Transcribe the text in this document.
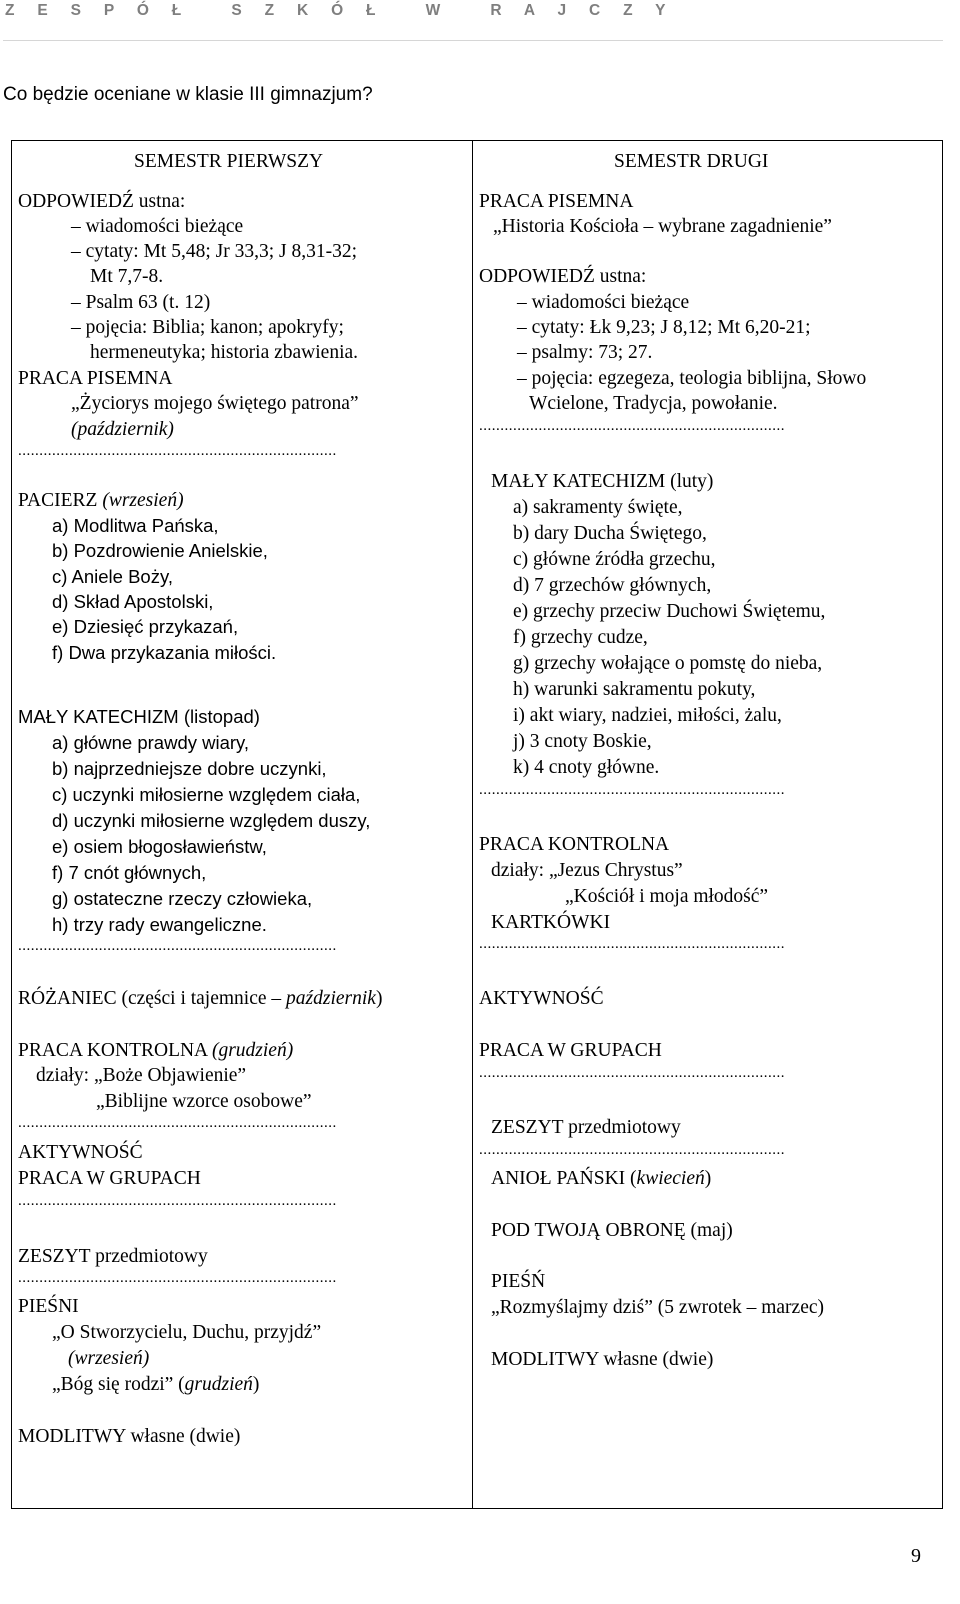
Z E S P Ó Ł   S Z K Ó Ł   W   R A J C Z Y
Co będzie oceniane w klasie III gimnazjum?
SEMESTR PIERWSZY
ODPOWIEDŹ ustna:
– wiadomości bieżące
– cytaty: Mt 5,48; Jr 33,3; J 8,31-32;
Mt 7,7-8.
– Psalm 63 (t. 12)
– pojęcia: Biblia; kanon; apokryfy;
hermeneutyka; historia zbawienia.
PRACA PISEMNA
„Życiorys mojego świętego patrona”
(październik)
...........................................................................
PACIERZ (wrzesień)
a) Modlitwa Pańska,
b) Pozdrowienie Anielskie,
c) Aniele Boży,
d) Skład Apostolski,
e) Dziesięć przykazań,
f) Dwa przykazania miłości.
MAŁY KATECHIZM (listopad)
a) główne prawdy wiary,
b) najprzedniejsze dobre uczynki,
c) uczynki miłosierne względem ciała,
d) uczynki miłosierne względem duszy,
e) osiem błogosławieństw,
f) 7 cnót głównych,
g) ostateczne rzeczy człowieka,
h) trzy rady ewangeliczne.
...........................................................................
RÓŻANIEC (części i tajemnice – październik)
PRACA KONTROLNA (grudzień)
działy: „Boże Objawienie”
„Biblijne wzorce osobowe”
...........................................................................
AKTYWNOŚĆ
PRACA W GRUPACH
...........................................................................
ZESZYT przedmiotowy
...........................................................................
PIEŚNI
„O Stworzycielu, Duchu, przyjdź”
(wrzesień)
„Bóg się rodzi” (grudzień)
MODLITWY własne (dwie)
SEMESTR DRUGI
PRACA PISEMNA
„Historia Kościoła – wybrane zagadnienie”
ODPOWIEDŹ ustna:
– wiadomości bieżące
– cytaty: Łk 9,23; J 8,12; Mt 6,20-21;
– psalmy: 73; 27.
– pojęcia: egzegeza, teologia biblijna, Słowo
Wcielone, Tradycja, powołanie.
........................................................................
MAŁY KATECHIZM (luty)
a) sakramenty święte,
b) dary Ducha Świętego,
c) główne źródła grzechu,
d) 7 grzechów głównych,
e) grzechy przeciw Duchowi Świętemu,
f) grzechy cudze,
g) grzechy wołające o pomstę do nieba,
h) warunki sakramentu pokuty,
i) akt wiary, nadziei, miłości, żalu,
j) 3 cnoty Boskie,
k) 4 cnoty główne.
........................................................................
PRACA KONTROLNA
działy: „Jezus Chrystus”
„Kościół i moja młodość”
KARTKÓWKI
........................................................................
AKTYWNOŚĆ
PRACA W GRUPACH
........................................................................
ZESZYT przedmiotowy
........................................................................
ANIOŁ PAŃSKI (kwiecień)
POD TWOJĄ OBRONĘ (maj)
PIEŚŃ
„Rozmyślajmy dziś” (5 zwrotek – marzec)
MODLITWY własne (dwie)
9
